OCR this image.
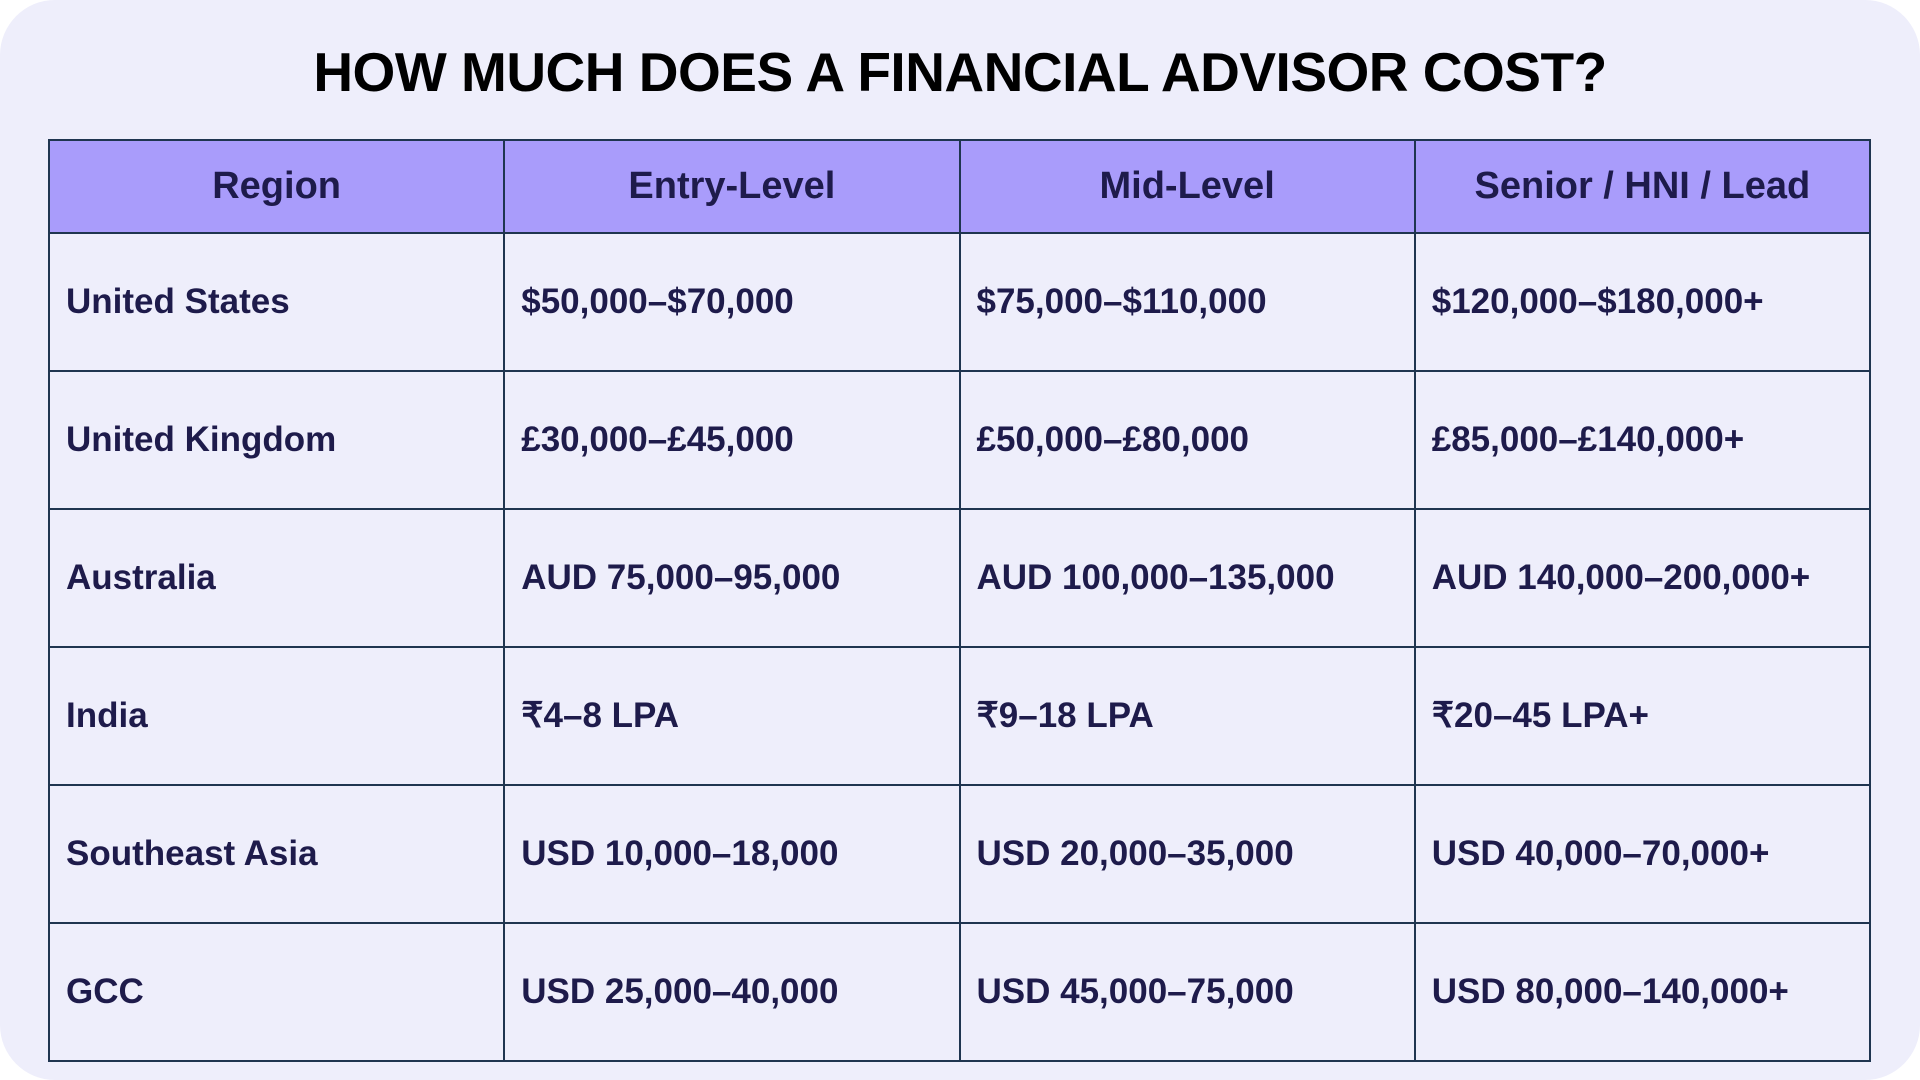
HOW MUCH DOES A FINANCIAL ADVISOR COST?
Region	Entry-Level	Mid-Level	Senior / HNI / Lead
United States	$50,000–$70,000	$75,000–$110,000	$120,000–$180,000+
United Kingdom	£30,000–£45,000	£50,000–£80,000	£85,000–£140,000+
Australia	AUD 75,000–95,000	AUD 100,000–135,000	AUD 140,000–200,000+
India	₹4–8 LPA	₹9–18 LPA	₹20–45 LPA+
Southeast Asia	USD 10,000–18,000	USD 20,000–35,000	USD 40,000–70,000+
GCC	USD 25,000–40,000	USD 45,000–75,000	USD 80,000–140,000+
